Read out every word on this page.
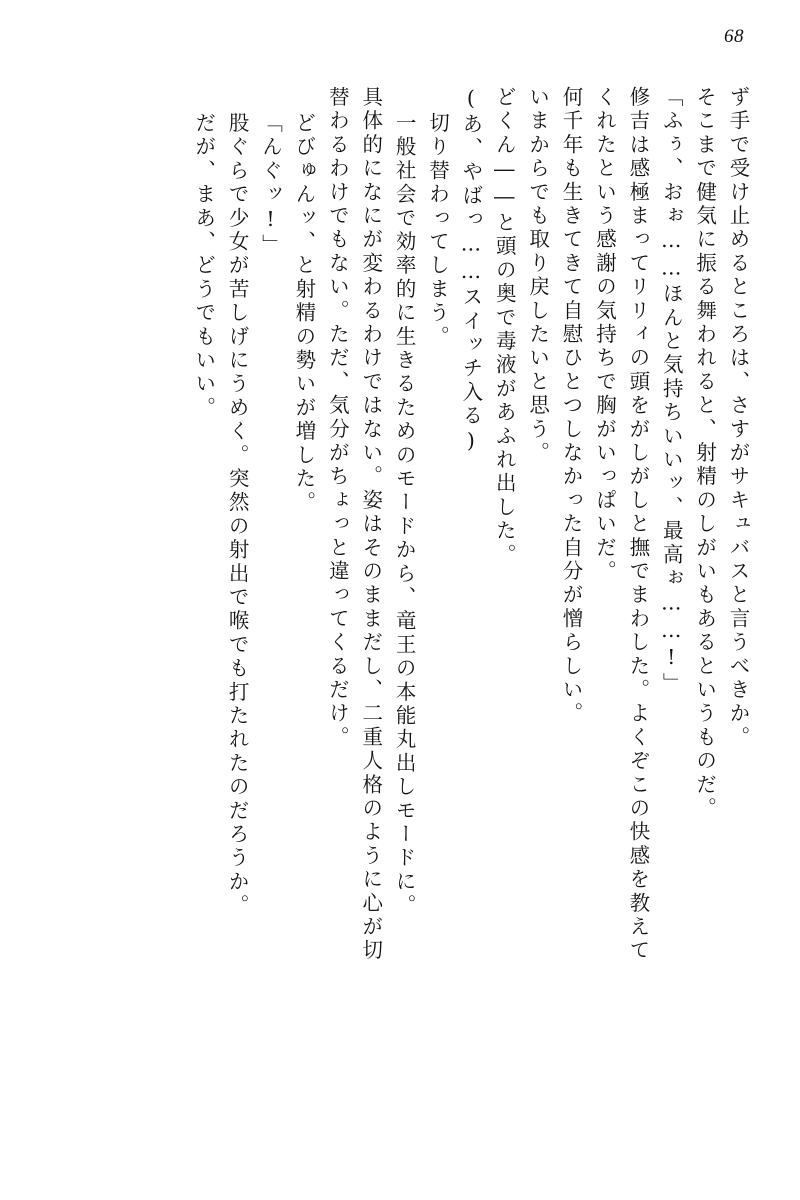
68
ず手で受け止めるところは、さすがサキュバスと言うべきか。
そこまで健気に振る舞われると、射精のしがいもあるというものだ。
「ふぅ、おぉ……ほんと気持ちいいッ、最高ぉ……!」
修吉は感極まってリリィの頭をがしがしと撫でまわした。よくぞこの快感を教えて
くれたという感謝の気持ちで胸がいっぱいだ。
何千年も生きてきて自慰ひとつしなかった自分が憎らしい。
いまからでも取り戻したいと思う。
どくん――と頭の奥で毒液があふれ出した。
(あ、やばっ……スイッチ入る)
切り替わってしまう。
一般社会で効率的に生きるためのモードから、竜王の本能丸出しモードに。
具体的になにが変わるわけではない。姿はそのままだし、二重人格のように心が切
替わるわけでもない。ただ、気分がちょっと違ってくるだけ。
どびゅんッ、と射精の勢いが増した。
「んぐッ!」
股ぐらで少女が苦しげにうめく。突然の射出で喉でも打たれたのだろうか。
だが、まあ、どうでもいい。
